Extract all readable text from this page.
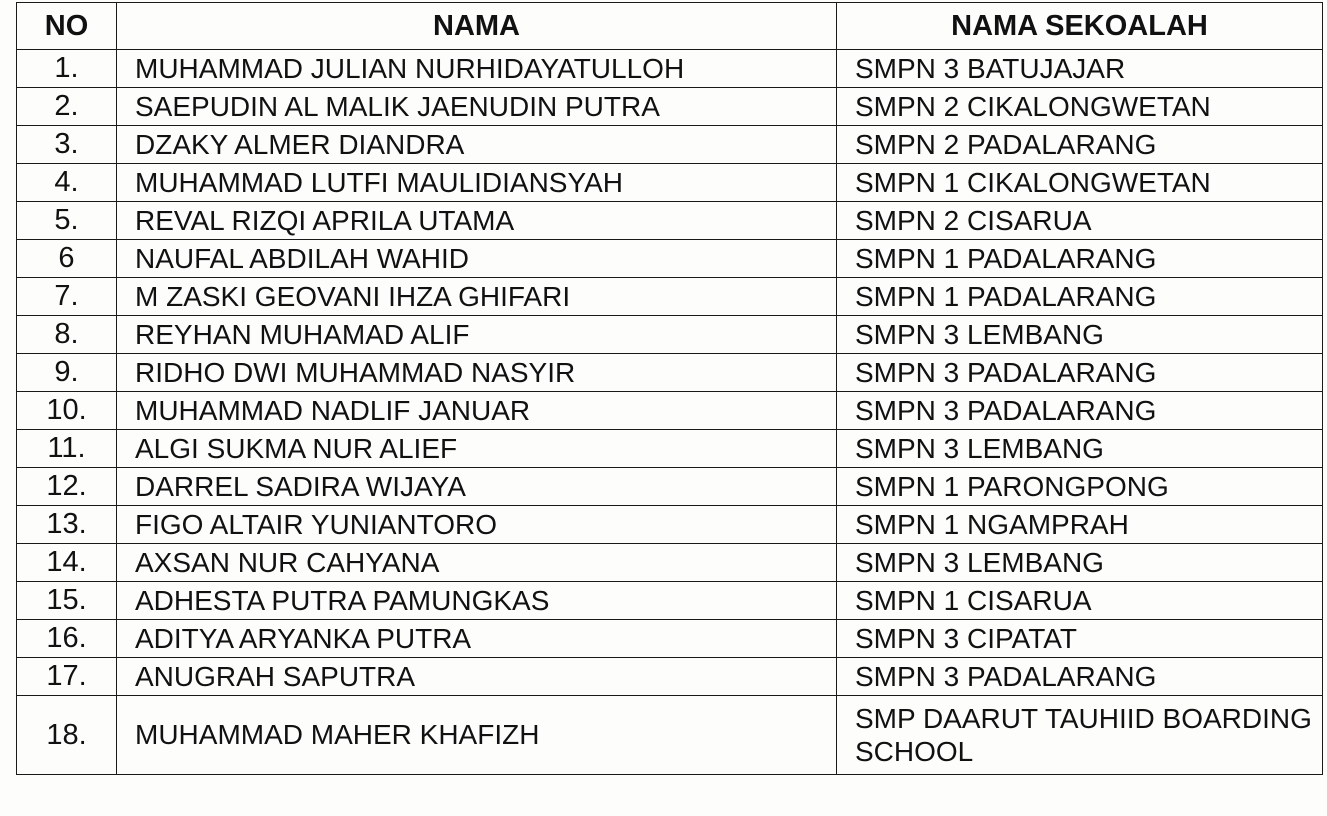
NO	NAMA	NAMA SEKOALAH
1.	MUHAMMAD JULIAN NURHIDAYATULLOH	SMPN 3 BATUJAJAR
2.	SAEPUDIN AL MALIK JAENUDIN PUTRA	SMPN 2 CIKALONGWETAN
3.	DZAKY ALMER DIANDRA	SMPN 2 PADALARANG
4.	MUHAMMAD LUTFI MAULIDIANSYAH	SMPN 1 CIKALONGWETAN
5.	REVAL RIZQI APRILA UTAMA	SMPN 2 CISARUA
6	NAUFAL ABDILAH WAHID	SMPN 1 PADALARANG
7.	M ZASKI GEOVANI IHZA GHIFARI	SMPN 1 PADALARANG
8.	REYHAN MUHAMAD ALIF	SMPN 3 LEMBANG
9.	RIDHO DWI MUHAMMAD NASYIR	SMPN 3 PADALARANG
10.	MUHAMMAD NADLIF JANUAR	SMPN 3 PADALARANG
11.	ALGI SUKMA NUR ALIEF	SMPN 3 LEMBANG
12.	DARREL SADIRA WIJAYA	SMPN 1 PARONGPONG
13.	FIGO ALTAIR YUNIANTORO	SMPN 1 NGAMPRAH
14.	AXSAN NUR CAHYANA	SMPN 3 LEMBANG
15.	ADHESTA PUTRA PAMUNGKAS	SMPN 1 CISARUA
16.	ADITYA ARYANKA PUTRA	SMPN 3 CIPATAT
17.	ANUGRAH SAPUTRA	SMPN 3 PADALARANG
18.	MUHAMMAD MAHER KHAFIZH	SMP DAARUT TAUHIID BOARDING SCHOOL
